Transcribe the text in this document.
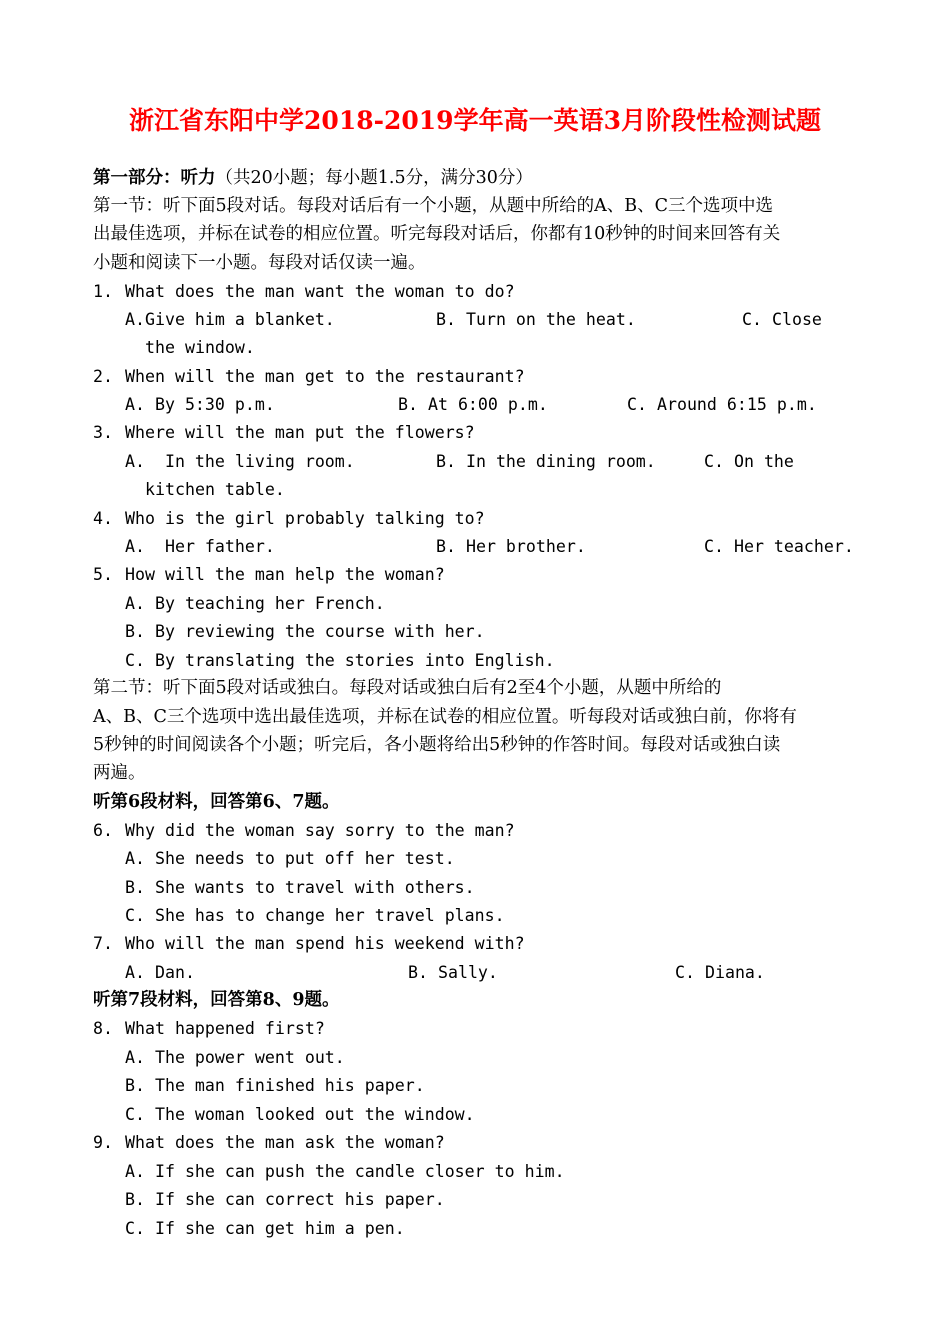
浙江省东阳中学2018-2019学年高一英语3月阶段性检测试题
第一部分：听力（共20小题；每小题1.5分，满分30分）
第一节：听下面5段对话。每段对话后有一个小题，从题中所给的A、B、C三个选项中选
出最佳选项，并标在试卷的相应位置。听完每段对话后，你都有10秒钟的时间来回答有关
小题和阅读下一小题。每段对话仅读一遍。
1. What does the man want the woman to do?
A.Give him a blanket.	B. Turn on the heat.	C. Close
the window.
2. When will the man get to the restaurant?
A. By 5:30 p.m.	B. At 6:00 p.m.	C. Around 6:15 p.m.
3. Where will the man put the flowers?
A.  In the living room.	B. In the dining room.	C. On the
kitchen table.
4. Who is the girl probably talking to?
A.  Her father.	B. Her brother.	C. Her teacher.
5. How will the man help the woman?
A. By teaching her French.
B. By reviewing the course with her.
C. By translating the stories into English.
第二节：听下面5段对话或独白。每段对话或独白后有2至4个小题，从题中所给的
A、B、C三个选项中选出最佳选项，并标在试卷的相应位置。听每段对话或独白前，你将有
5秒钟的时间阅读各个小题；听完后，各小题将给出5秒钟的作答时间。每段对话或独白读
两遍。
听第6段材料，回答第6、7题。
6. Why did the woman say sorry to the man?
A. She needs to put off her test.
B. She wants to travel with others.
C. She has to change her travel plans.
7. Who will the man spend his weekend with?
A. Dan.	B. Sally.	C. Diana.
听第7段材料，回答第8、9题。
8. What happened first?
A. The power went out.
B. The man finished his paper.
C. The woman looked out the window.
9. What does the man ask the woman?
A. If she can push the candle closer to him.
B. If she can correct his paper.
C. If she can get him a pen.
